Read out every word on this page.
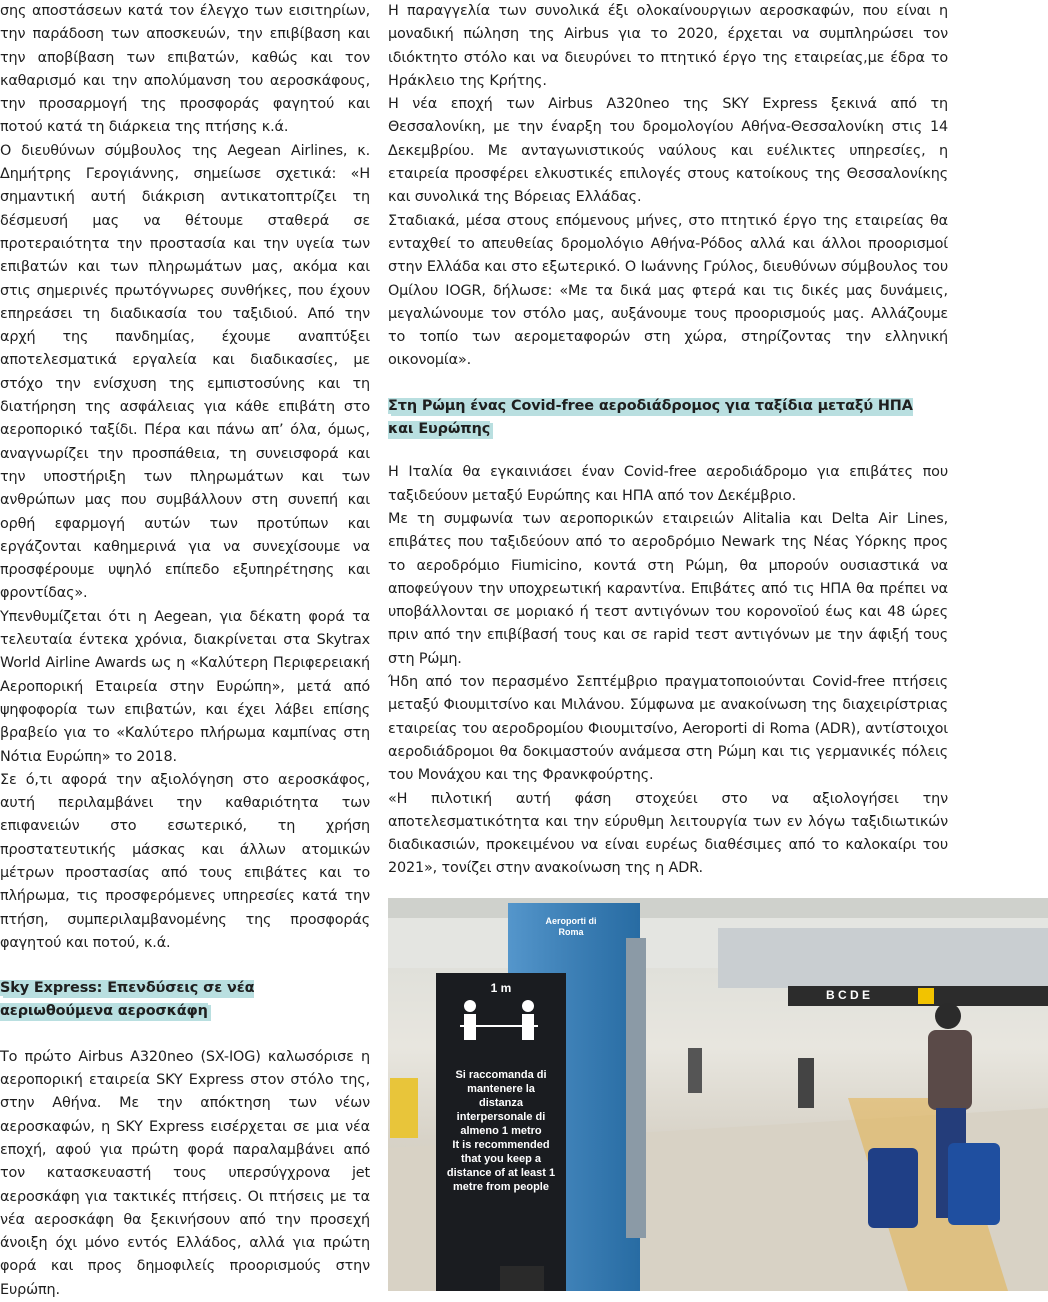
σης αποστάσεων κατά τον έλεγχο των εισιτηρίων, την παράδοση των αποσκευών, την επιβίβαση και την αποβίβαση των επιβατών, καθώς και τον καθαρισμό και την απολύμανση του αεροσκάφους, την προσαρμογή της προσφοράς φαγητού και ποτού κατά τη διάρκεια της πτήσης κ.ά.

Ο διευθύνων σύμβουλος της Aegean Airlines, κ. Δημήτρης Γερογιάννης, σημείωσε σχετικά: «Η σημαντική αυτή διάκριση αντικατοπτρίζει τη δέσμευσή μας να θέτουμε σταθερά σε προτεραιότητα την προστασία και την υγεία των επιβατών και των πληρωμάτων μας, ακόμα και στις σημερινές πρωτόγνωρες συνθήκες, που έχουν επηρεάσει τη διαδικασία του ταξιδιού. Από την αρχή της πανδημίας, έχουμε αναπτύξει αποτελεσματικά εργαλεία και διαδικασίες, με στόχο την ενίσχυση της εμπιστοσύνης και τη διατήρηση της ασφάλειας για κάθε επιβάτη στο αεροπορικό ταξίδι. Πέρα και πάνω απ’ όλα, όμως, αναγνωρίζει την προσπάθεια, τη συνεισφορά και την υποστήριξη των πληρωμάτων και των ανθρώπων μας που συμβάλλουν στη συνεπή και ορθή εφαρμογή αυτών των προτύπων και εργάζονται καθημερινά για να συνεχίσουμε να προσφέρουμε υψηλό επίπεδο εξυπηρέτησης και φροντίδας».

Υπενθυμίζεται ότι η Aegean, για δέκατη φορά τα τελευταία έντεκα χρόνια, διακρίνεται στα Skytrax World Airline Awards ως η «Καλύτερη Περιφερειακή Αεροπορική Εταιρεία στην Ευρώπη», μετά από ψηφοφορία των επιβατών, και έχει λάβει επίσης βραβείο για το «Καλύτερο πλήρωμα καμπίνας στη Νότια Ευρώπη» το 2018.

Σε ό,τι αφορά την αξιολόγηση στο αεροσκάφος, αυτή περιλαμβάνει την καθαριότητα των επιφανειών στο εσωτερικό, τη χρήση προστατευτικής μάσκας και άλλων ατομικών μέτρων προστασίας από τους επιβάτες και το πλήρωμα, τις προσφερόμενες υπηρεσίες κατά την πτήση, συμπεριλαμβανομένης της προσφοράς φαγητού και ποτού, κ.ά.

Sky Express: Επενδύσεις σε νέα αεριωθούμενα αεροσκάφη

Το πρώτο Airbus A320neo (SX-IOG) καλωσόρισε η αεροπορική εταιρεία SKY Express στον στόλο της, στην Αθήνα. Με την απόκτηση των νέων αεροσκαφών, η SKY Express εισέρχεται σε μια νέα εποχή, αφού για πρώτη φορά παραλαμβάνει από τον κατασκευαστή τους υπερσύγχρονα jet αεροσκάφη για τακτικές πτήσεις. Οι πτήσεις με τα νέα αεροσκάφη θα ξεκινήσουν από την προσεχή άνοιξη όχι μόνο εντός Ελλάδος, αλλά για πρώτη φορά και προς δημοφιλείς προορισμούς στην Ευρώπη.

Η παραγγελία των συνολικά έξι ολοκαίνουργιων αεροσκαφών, που είναι η μοναδική πώληση της Airbus για το 2020, έρχεται να συμπληρώσει τον ιδιόκτητο στόλο και να διευρύνει το πτητικό έργο της εταιρείας,με έδρα το Ηράκλειο της Κρήτης.

Η νέα εποχή των Airbus A320neo της SKY Express ξεκινά από τη Θεσσαλονίκη, με την έναρξη του δρομολογίου Αθήνα-Θεσσαλονίκη στις 14 Δεκεμβρίου. Με ανταγωνιστικούς ναύλους και ευέλικτες υπηρεσίες, η εταιρεία προσφέρει ελκυστικές επιλογές στους κατοίκους της Θεσσαλονίκης και συνολικά της Βόρειας Ελλάδας.

Σταδιακά, μέσα στους επόμενους μήνες, στο πτητικό έργο της εταιρείας θα ενταχθεί το απευθείας δρομολόγιο Αθήνα-Ρόδος αλλά και άλλοι προορισμοί στην Ελλάδα και στο εξωτερικό. Ο Ιωάννης Γρύλος, διευθύνων σύμβουλος του Ομίλου IOGR, δήλωσε: «Με τα δικά μας φτερά και τις δικές μας δυνάμεις, μεγαλώνουμε τον στόλο μας, αυξάνουμε τους προορισμούς μας. Αλλάζουμε το τοπίο των αερομεταφορών στη χώρα, στηρίζοντας την ελληνική οικονομία».

Στη Ρώμη ένας Covid-free αεροδιάδρομος για ταξίδια μεταξύ ΗΠΑ και Ευρώπης

Η Ιταλία θα εγκαινιάσει έναν Covid-free αεροδιάδρομο για επιβάτες που ταξιδεύουν μεταξύ Ευρώπης και ΗΠΑ από τον Δεκέμβριο.

Με τη συμφωνία των αεροπορικών εταιρειών Alitalia και Delta Air Lines, επιβάτες που ταξιδεύουν από το αεροδρόμιο Newark της Νέας Υόρκης προς το αεροδρόμιο Fiumicino, κοντά στη Ρώμη, θα μπορούν ουσιαστικά να αποφεύγουν την υποχρεωτική καραντίνα. Επιβάτες από τις ΗΠΑ θα πρέπει να υποβάλλονται σε μοριακό ή τεστ αντιγόνων του κορονοϊού έως και 48 ώρες πριν από την επιβίβασή τους και σε rapid τεστ αντιγόνων με την άφιξή τους στη Ρώμη.

Ήδη από τον περασμένο Σεπτέμβριο πραγματοποιούνται Covid-free πτήσεις μεταξύ Φιουμιτσίνο και Μιλάνου. Σύμφωνα με ανακοίνωση της διαχειρίστριας εταιρείας του αεροδρομίου Φιουμιτσίνο, Aeroporti di Roma (ADR), αντίστοιχοι αεροδιάδρομοι θα δοκιμαστούν ανάμεσα στη Ρώμη και τις γερμανικές πόλεις του Μονάχου και της Φρανκφούρτης.

«Η πιλοτική αυτή φάση στοχεύει στο να αξιολογήσει την αποτελεσματικότητα και την εύρυθμη λειτουργία των εν λόγω ταξιδιωτικών διαδικασιών, προκειμένου να είναι ευρέως διαθέσιμες από το καλοκαίρι του 2021», τονίζει στην ανακοίνωση της η ADR.

B C D E
Aeroporti di Roma
1 m
Si raccomanda di mantenere la distanza interpersonale di almeno 1 metro
It is recommended that you keep a distance of at least 1 metre from people
